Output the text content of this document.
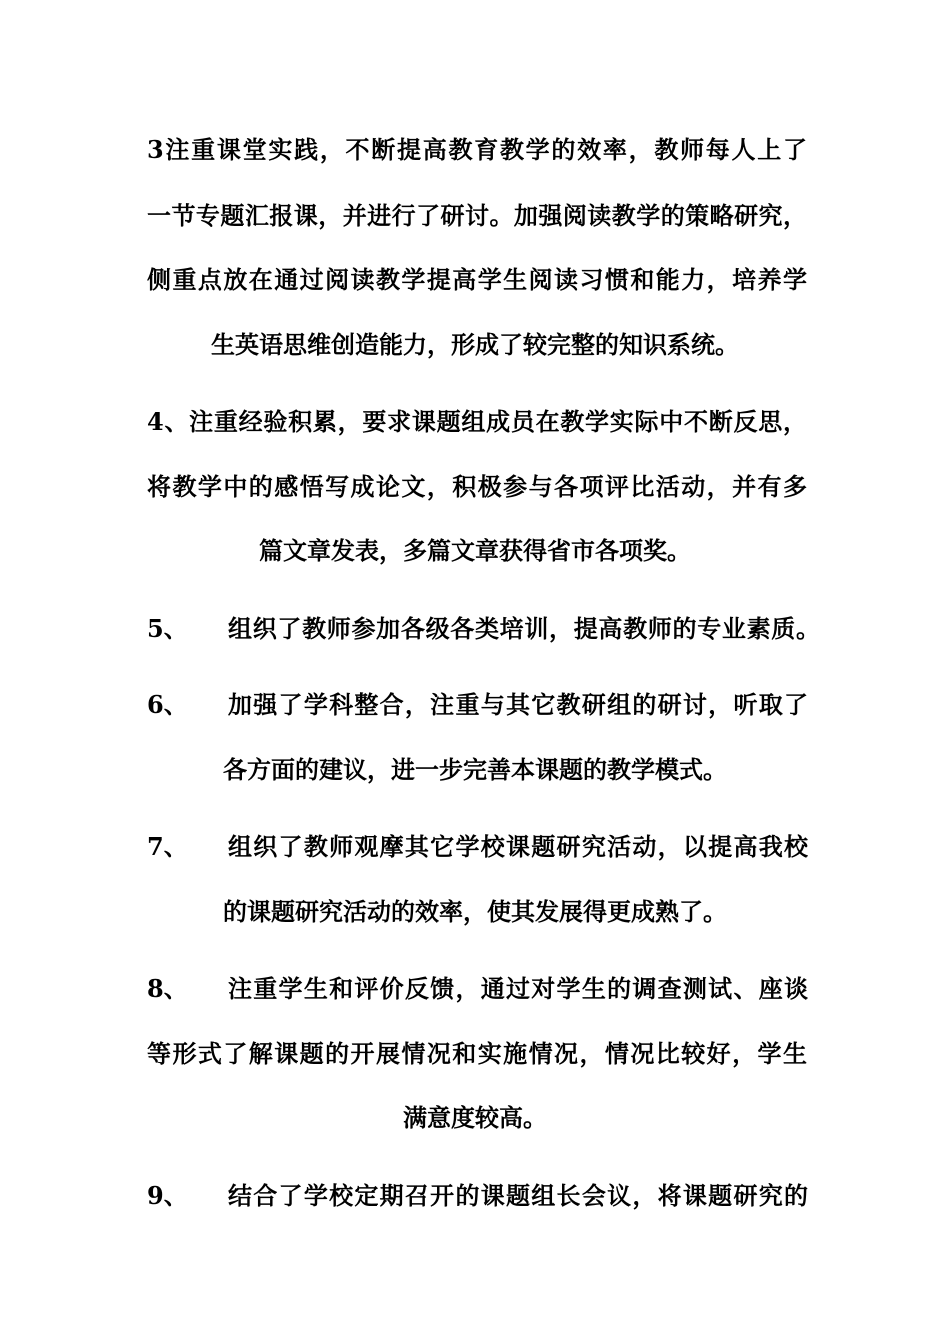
3注重课堂实践，不断提高教育教学的效率，教师每人上了
一节专题汇报课，并进行了研讨。加强阅读教学的策略研究，
侧重点放在通过阅读教学提高学生阅读习惯和能力，培养学
生英语思维创造能力，形成了较完整的知识系统。
4、注重经验积累，要求课题组成员在教学实际中不断反思，
将教学中的感悟写成论文，积极参与各项评比活动，并有多
篇文章发表，多篇文章获得省市各项奖。
5、 组织了教师参加各级各类培训，提高教师的专业素质。
6、 加强了学科整合，注重与其它教研组的研讨，听取了
各方面的建议，进一步完善本课题的教学模式。
7、 组织了教师观摩其它学校课题研究活动，以提高我校
的课题研究活动的效率，使其发展得更成熟了。
8、 注重学生和评价反馈，通过对学生的调查测试、座谈
等形式了解课题的开展情况和实施情况，情况比较好，学生
满意度较高。
9、 结合了学校定期召开的课题组长会议，将课题研究的
